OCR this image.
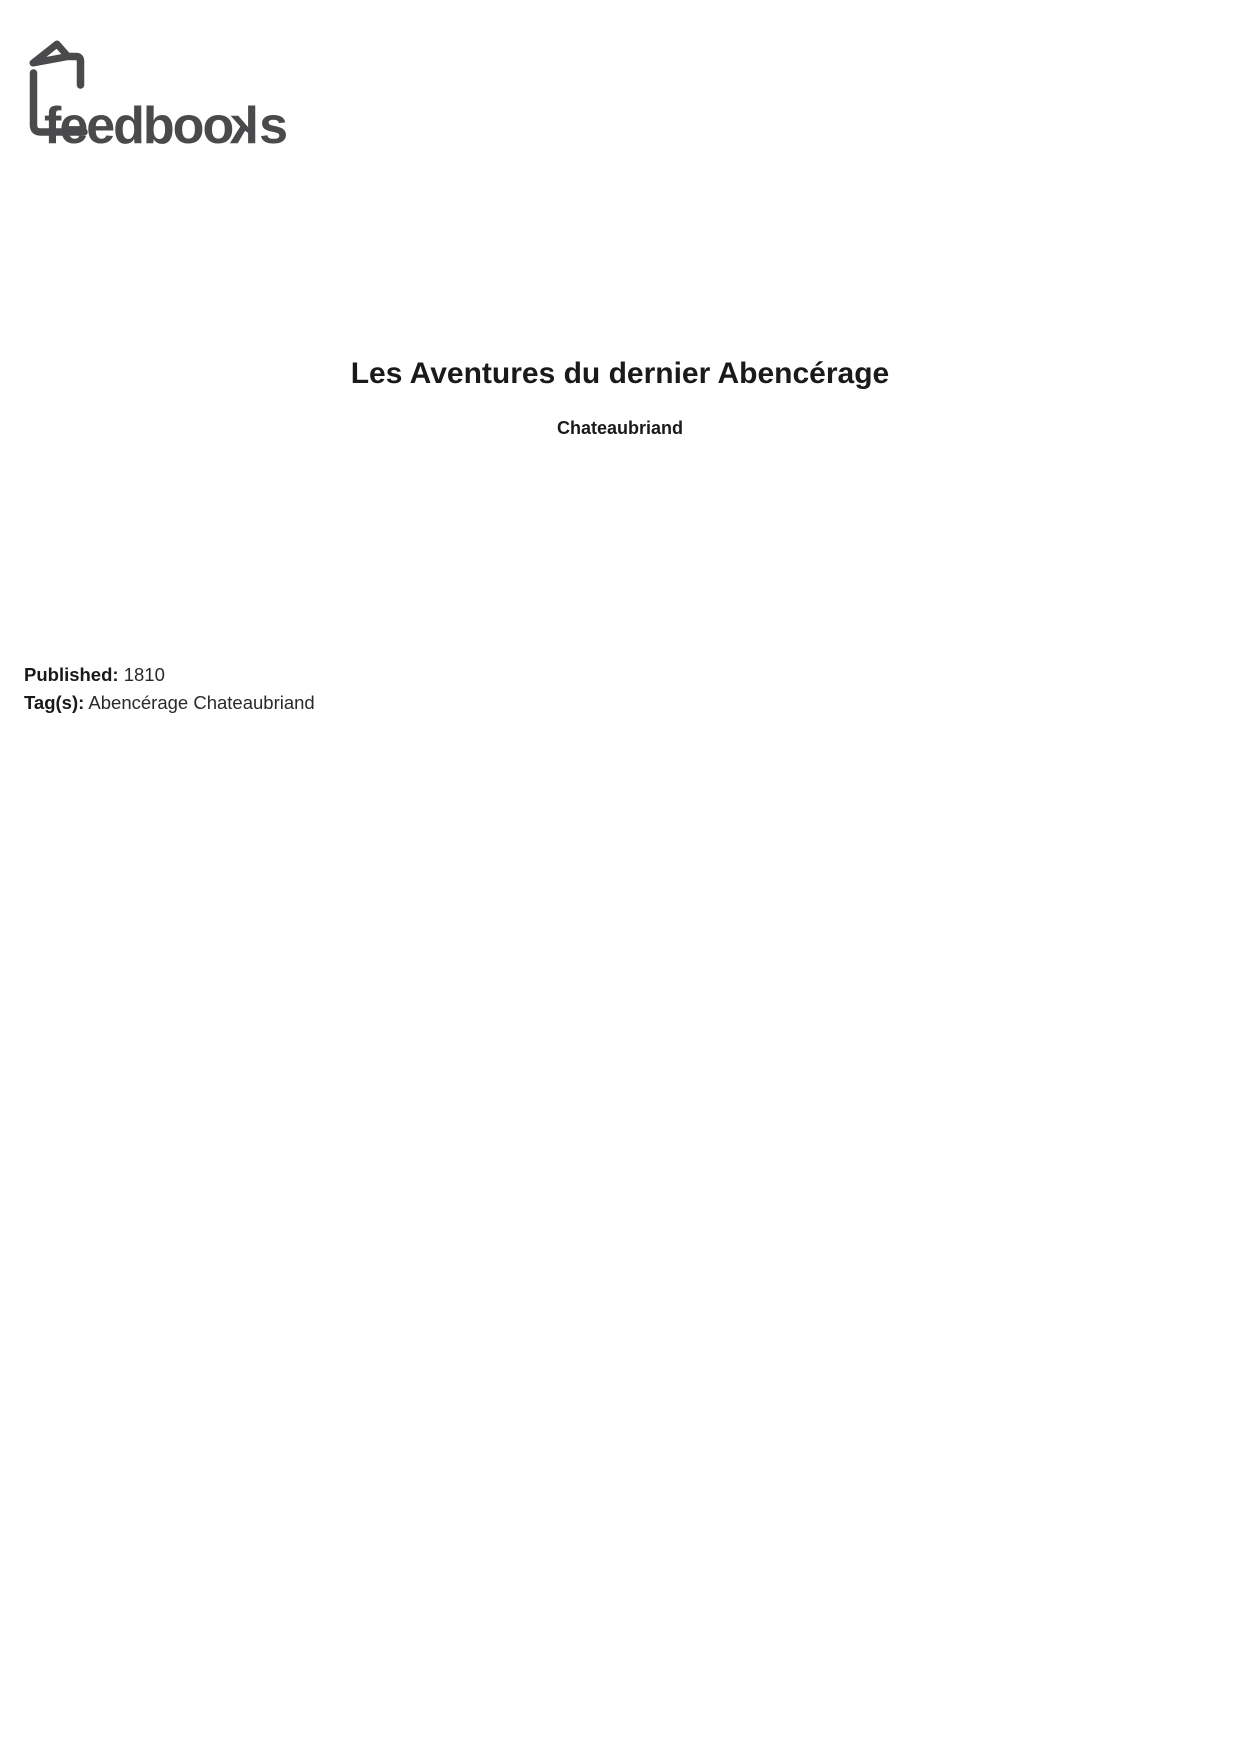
feedbooks
Les Aventures du dernier Abencérage
Chateaubriand

Published: 1810

Tag(s): Abencérage Chateaubriand
